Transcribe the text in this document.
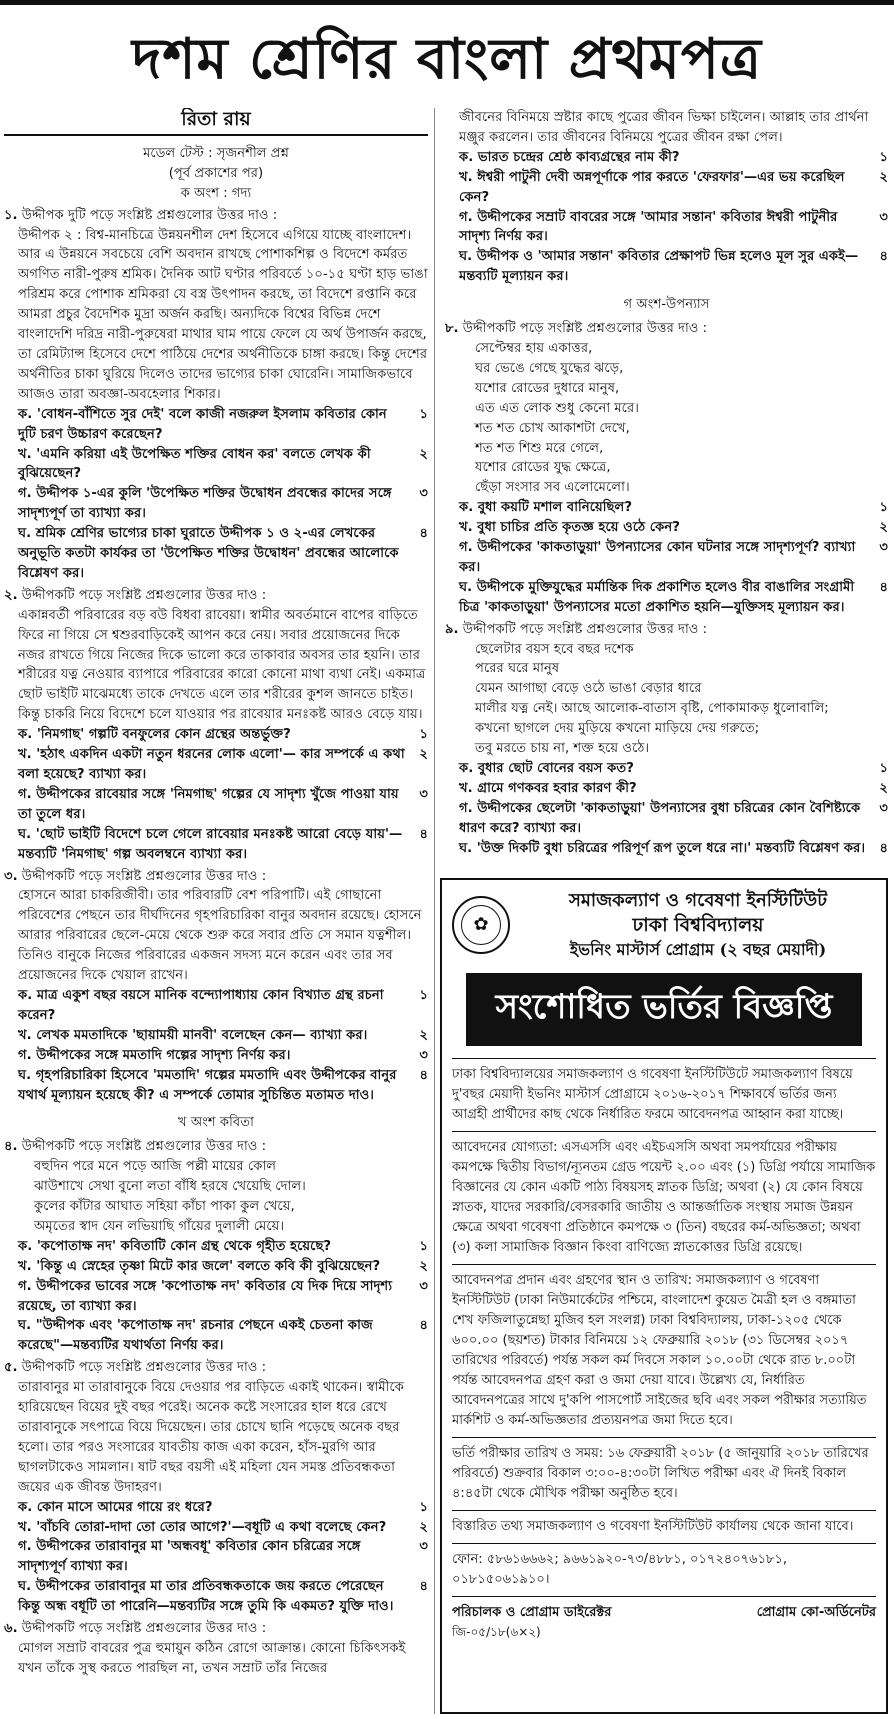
দশম শ্রেণির বাংলা প্রথমপত্র
রিতা রায়
মডেল টেস্ট : সৃজনশীল প্রশ্ন
(পূর্ব প্রকাশের পর)
ক অংশ : গদ্য
১. উদ্দীপক দুটি পড়ে সংশ্লিষ্ট প্রশ্নগুলোর উত্তর দাও :
উদ্দীপক ২ : বিশ্ব-মানচিত্রে উন্নয়নশীল দেশ হিসেবে এগিয়ে যাচ্ছে বাংলাদেশ। আর এ উন্নয়নে সবচেয়ে বেশি অবদান রাখছে পোশাকশিল্প ও বিদেশে কর্মরত অগণিত নারী-পুরুষ শ্রমিক। দৈনিক আট ঘণ্টার পরিবর্তে ১০-১৫ ঘণ্টা হাড় ভাঙা পরিশ্রম করে পোশাক শ্রমিকরা যে বস্ত্র উৎপাদন করছে, তা বিদেশে রপ্তানি করে আমরা প্রচুর বৈদেশিক মুদ্রা অর্জন করছি। অন্যদিকে বিশ্বের বিভিন্ন দেশে বাংলাদেশি দরিদ্র নারী-পুরুষেরা মাথার ঘাম পায়ে ফেলে যে অর্থ উপার্জন করছে, তা রেমিট্যান্স হিসেবে দেশে পাঠিয়ে দেশের অর্থনীতিকে চাঙ্গা করছে। কিন্তু দেশের অর্থনীতির চাকা ঘুরিয়ে দিলেও তাদের ভাগ্যের চাকা ঘোরেনি। সামাজিকভাবে আজও তারা অবজ্ঞা-অবহেলার শিকার।
ক. 'বোধন-বাঁশিতে সুর দেই' বলে কাজী নজরুল ইসলাম কবিতার কোন দুটি চরণ উচ্চারণ করেছেন?
১
খ. 'এমনি করিয়া এই উপেক্ষিত শক্তির বোধন কর' বলতে লেখক কী বুঝিয়েছেন?
২
গ. উদ্দীপক ১-এর কুলি 'উপেক্ষিত শক্তির উদ্বোধন প্রবন্ধের কাদের সঙ্গে সাদৃশ্যপূর্ণ তা ব্যাখ্যা কর।
৩
ঘ. শ্রমিক শ্রেণির ভাগ্যের চাকা ঘুরাতে উদ্দীপক ১ ও ২-এর লেখকের অনুভূতি কতটা কার্যকর তা 'উপেক্ষিত শক্তির উদ্বোধন' প্রবন্ধের আলোকে বিশ্লেষণ কর।
৪
২. উদ্দীপকটি পড়ে সংশ্লিষ্ট প্রশ্নগুলোর উত্তর দাও :
একান্নবর্তী পরিবারের বড় বউ বিধবা রাবেয়া। স্বামীর অবর্তমানে বাপের বাড়িতে ফিরে না গিয়ে সে শ্বশুরবাড়িকেই আপন করে নেয়। সবার প্রয়োজনের দিকে নজর রাখতে গিয়ে নিজের দিকে ভালো করে তাকাবার অবসর তার হয়নি। তার শরীরের যত্ন নেওয়ার ব্যাপারে পরিবারের কারো কোনো মাথা ব্যথা নেই। একমাত্র ছোট ভাইটি মাঝেমধ্যে তাকে দেখতে এলে তার শরীরের কুশল জানতে চাইত। কিন্তু চাকরি নিয়ে বিদেশে চলে যাওয়ার পর রাবেয়ার মনঃকষ্ট আরও বেড়ে যায়।
ক. 'নিমগাছ' গল্পটি বনফুলের কোন গ্রন্থের অন্তর্ভুক্ত?	১
খ. 'হঠাৎ একদিন একটা নতুন ধরনের লোক এলো'— কার সম্পর্কে এ কথা বলা হয়েছে? ব্যাখ্যা কর।
২
গ. উদ্দীপকের রাবেয়ার সঙ্গে 'নিমগাছ' গল্পের যে সাদৃশ্য খুঁজে পাওয়া যায় তা তুলে ধর।
৩
ঘ. 'ছোট ভাইটি বিদেশে চলে গেলে রাবেয়ার মনঃকষ্ট আরো বেড়ে যায়'—মন্তব্যটি 'নিমগাছ' গল্প অবলম্বনে ব্যাখ্যা কর।
৪
৩. উদ্দীপকটি পড়ে সংশ্লিষ্ট প্রশ্নগুলোর উত্তর দাও :
হোসনে আরা চাকরিজীবী। তার পরিবারটি বেশ পরিপাটি। এই গোছানো পরিবেশের পেছনে তার দীর্ঘদিনের গৃহপরিচারিকা বানুর অবদান রয়েছে। হোসনে আরার পরিবারের ছেলে-মেয়ে থেকে শুরু করে সবার প্রতি সে সমান যত্নশীল। তিনিও বানুকে নিজের পরিবারের একজন সদস্য মনে করেন এবং তার সব প্রয়োজনের দিকে খেয়াল রাখেন।
ক. মাত্র একুশ বছর বয়সে মানিক বন্দ্যোপাধ্যায় কোন বিখ্যাত গ্রন্থ রচনা করেন?
১
খ. লেখক মমতাদিকে 'ছায়াময়ী মানবী' বলেছেন কেন— ব্যাখ্যা কর।	২
গ. উদ্দীপকের সঙ্গে মমতাদি গল্পের সাদৃশ্য নির্ণয় কর।	৩
ঘ. গৃহপরিচারিকা হিসেবে 'মমতাদি' গল্পের মমতাদি এবং উদ্দীপকের বানুর যথার্থ মূল্যায়ন হয়েছে কী? এ সম্পর্কে তোমার সুচিন্তিত মতামত দাও।
৪
খ অংশ কবিতা
৪. উদ্দীপকটি পড়ে সংশ্লিষ্ট প্রশ্নগুলোর উত্তর দাও :
বহুদিন পরে মনে পড়ে আজি পল্লী মায়ের কোল
ঝাউশাখে সেথা বুনো লতা বাঁধি হরষে খেয়েছি দোল।
কুলের কাঁটার আঘাত সহিয়া কাঁচা পাকা কুল খেয়ে,
অমৃতের স্বাদ যেন লভিয়াছি গাঁয়ের দুলালী মেয়ে।
ক. 'কপোতাক্ষ নদ' কবিতাটি কোন গ্রন্থ থেকে গৃহীত হয়েছে?	১
খ. 'কিন্তু এ স্নেহের তৃষ্ণা মিটে কার জলে' বলতে কবি কী বুঝিয়েছেন?	২
গ. উদ্দীপকের ভাবের সঙ্গে 'কপোতাক্ষ নদ' কবিতার যে দিক দিয়ে সাদৃশ্য রয়েছে, তা ব্যাখ্যা কর।
৩
ঘ. "উদ্দীপক এবং 'কপোতাক্ষ নদ' রচনার পেছনে একই চেতনা কাজ করেছে"—মন্তব্যটির যথার্থতা নির্ণয় কর।
৪
৫. উদ্দীপকটি পড়ে সংশ্লিষ্ট প্রশ্নগুলোর উত্তর দাও :
তারাবানুর মা তারাবানুকে বিয়ে দেওয়ার পর বাড়িতে একাই থাকেন। স্বামীকে হারিয়েছেন বিয়ের দুই বছর পরেই। অনেক কষ্টে সংসারের হাল ধরে রেখে তারাবানুকে সৎপাত্রে বিয়ে দিয়েছেন। তার চোখে ছানি পড়েছে অনেক বছর হলো। তার পরও সংসারের যাবতীয় কাজ একা করেন, হাঁস-মুরগি আর ছাগলটাকেও সামলান। ষাট বছর বয়সী এই মহিলা যেন সমস্ত প্রতিবন্ধকতা জয়ের এক জীবন্ত উদাহরণ।
ক. কোন মাসে আমের গায়ে রং ধরে?	১
খ. 'বাঁচবি তোরা-দাদা তো তোর আগে?'—বধূটি এ কথা বলেছে কেন?	২
গ. উদ্দীপকের তারাবানুর মা 'অন্ধবধূ' কবিতার কোন চরিত্রের সঙ্গে সাদৃশ্যপূর্ণ ব্যাখ্যা কর।
৩
ঘ. উদ্দীপকের তারাবানুর মা তার প্রতিবন্ধকতাকে জয় করতে পেরেছেন কিন্তু অন্ধ বধূটি তা পারেনি—মন্তব্যটির সঙ্গে তুমি কি একমত? যুক্তি দাও।
৪
৬. উদ্দীপকটি পড়ে সংশ্লিষ্ট প্রশ্নগুলোর উত্তর দাও :
মোগল সম্রাট বাবরের পুত্র হুমায়ুন কঠিন রোগে আক্রান্ত। কোনো চিকিৎসকই যখন তাঁকে সুস্থ করতে পারছিল না, তখন সম্রাট তাঁর নিজের
জীবনের বিনিময়ে স্রষ্টার কাছে পুত্রের জীবন ভিক্ষা চাইলেন। আল্লাহ তার প্রার্থনা মঞ্জুর করলেন। তার জীবনের বিনিময়ে পুত্রের জীবন রক্ষা পেল।
ক. ভারত চন্দ্রের শ্রেষ্ঠ কাব্যগ্রন্থের নাম কী?	১
খ. ঈশ্বরী পাটুনী দেবী অন্নপূর্ণাকে পার করতে 'ফেরফার'—এর ভয় করেছিল কেন?
২
গ. উদ্দীপকের সম্রাট বাবরের সঙ্গে 'আমার সন্তান' কবিতার ঈশ্বরী পাটুনীর সাদৃশ্য নির্ণয় কর।
৩
ঘ. উদ্দীপক ও 'আমার সন্তান' কবিতার প্রেক্ষাপট ভিন্ন হলেও মূল সুর একই—মন্তব্যটি মূল্যায়ন কর।
৪
গ অংশ-উপন্যাস
৮. উদ্দীপকটি পড়ে সংশ্লিষ্ট প্রশ্নগুলোর উত্তর দাও :
সেপ্টেম্বর হায় একাত্তর,
ঘর ভেঙে গেছে যুদ্ধের ঝড়ে,
যশোর রোডের দুধারে মানুষ,
এত এত লোক শুধু কেনো মরে।
শত শত চোখ আকাশটা দেখে,
শত শত শিশু মরে গেলে,
যশোর রোডের যুদ্ধ ক্ষেত্রে,
ছেঁড়া সংসার সব এলোমেলো।
ক. বুধা কয়টি মশাল বানিয়েছিল?	১
খ. বুধা চাচির প্রতি কৃতজ্ঞ হয়ে ওঠে কেন?	২
গ. উদ্দীপকের 'কাকতাড়ুয়া' উপন্যাসের কোন ঘটনার সঙ্গে সাদৃশ্যপূর্ণ? ব্যাখ্যা কর।
৩
ঘ. উদ্দীপকে মুক্তিযুদ্ধের মর্মান্তিক দিক প্রকাশিত হলেও বীর বাঙালির সংগ্রামী চিত্র 'কাকতাড়ুয়া' উপন্যাসের মতো প্রকাশিত হয়নি—যুক্তিসহ মূল্যায়ন কর।
৪
৯. উদ্দীপকটি পড়ে সংশ্লিষ্ট প্রশ্নগুলোর উত্তর দাও :
ছেলেটার বয়স হবে বছর দশেক
পরের ঘরে মানুষ
যেমন আগাছা বেড়ে ওঠে ভাঙা বেড়ার ধারে
মালীর যত্ন নেই। আছে আলোক-বাতাস বৃষ্টি, পোকামাকড় ধুলোবালি;
কখনো ছাগলে দেয় মুড়িয়ে কখনো মাড়িয়ে দেয় গরুতে;
তবু মরতে চায় না, শক্ত হয়ে ওঠে।
ক. বুধার ছোট বোনের বয়স কত?	১
খ. গ্রামে গণকবর হবার কারণ কী?	২
গ. উদ্দীপকের ছেলেটা 'কাকতাড়ুয়া' উপন্যাসের বুধা চরিত্রের কোন বৈশিষ্ট্যকে ধারণ করে? ব্যাখ্যা কর।
৩
ঘ. 'উক্ত দিকটি বুধা চরিত্রের পরিপূর্ণ রূপ তুলে ধরে না।' মন্তব্যটি বিশ্লেষণ কর।	৪
✿
সমাজকল্যাণ ও গবেষণা ইনস্টিটিউট
ঢাকা বিশ্ববিদ্যালয়
ইভনিং মাস্টার্স প্রোগ্রাম (২ বছর মেয়াদী)
সংশোধিত ভর্তির বিজ্ঞপ্তি
ঢাকা বিশ্ববিদ্যালয়ের সমাজকল্যাণ ও গবেষণা ইনস্টিটিউটে সমাজকল্যাণ বিষয়ে দু'বছর মেয়াদী ইভনিং মাস্টার্স প্রোগ্রামে ২০১৬-২০১৭ শিক্ষাবর্ষে ভর্তির জন্য আগ্রহী প্রার্থীদের কাছ থেকে নির্ধারিত ফরমে আবেদনপত্র আহ্বান করা যাচ্ছে।
আবেদনের যোগ্যতা: এসএসসি এবং এইচএসসি অথবা সমপর্যায়ের পরীক্ষায় কমপক্ষে দ্বিতীয় বিভাগ/ন্যূনতম গ্রেড পয়েন্ট ২.০০ এবং (১) ডিগ্রি পর্যায়ে সামাজিক বিজ্ঞানের যে কোন একটি পাঠ্য বিষয়সহ স্নাতক ডিগ্রি; অথবা (২) যে কোন বিষয়ে স্নাতক, যাদের সরকারি/বেসরকারি জাতীয় ও আন্তর্জাতিক সংস্থায় সমাজ উন্নয়ন ক্ষেত্রে অথবা গবেষণা প্রতিষ্ঠানে কমপক্ষে ৩ (তিন) বছরের কর্ম-অভিজ্ঞতা; অথবা (৩) কলা সামাজিক বিজ্ঞান কিংবা বাণিজ্যে স্নাতকোত্তর ডিগ্রি রয়েছে।
আবেদনপত্র প্রদান এবং গ্রহণের স্থান ও তারিখ: সমাজকল্যাণ ও গবেষণা ইনস্টিটিউট (ঢাকা নিউমার্কেটের পশ্চিমে, বাংলাদেশ কুয়েত মৈত্রী হল ও বঙ্গমাতা শেখ ফজিলাতুন্নেছা মুজিব হল সংলগ্ন) ঢাকা বিশ্ববিদ্যালয়, ঢাকা-১২০৫ থেকে ৬০০.০০ (ছয়শত) টাকার বিনিময়ে ১২ ফেব্রুয়ারি ২০১৮ (৩১ ডিসেম্বর ২০১৭ তারিখের পরিবর্তে) পর্যন্ত সকল কর্ম দিবসে সকাল ১০.০০টা থেকে রাত ৮.০০টা পর্যন্ত আবেদনপত্র গ্রহণ করা ও জমা দেয়া যাবে। উল্লেখ্য যে, নির্ধারিত আবেদনপত্রের সাথে দু'কপি পাসপোর্ট সাইজের ছবি এবং সকল পরীক্ষার সত্যায়িত মার্কশিট ও কর্ম-অভিজ্ঞতার প্রত্যয়নপত্র জমা দিতে হবে।
ভর্তি পরীক্ষার তারিখ ও সময়: ১৬ ফেব্রুয়ারী ২০১৮ (৫ জানুয়ারি ২০১৮ তারিখের পরিবর্তে) শুক্রবার বিকাল ৩:০০-৪:৩০টা লিখিত পরীক্ষা এবং ঐ দিনই বিকাল ৪:৪৫টা থেকে মৌখিক পরীক্ষা অনুষ্ঠিত হবে।
বিস্তারিত তথ্য সমাজকল্যাণ ও গবেষণা ইনস্টিটিউট কার্যালয় থেকে জানা যাবে।
ফোন: ৫৮৬১৬৬৬২; ৯৬৬১৯২০-৭৩/৪৮৮১, ০১৭২৪০৭৬১৮১, ০১৮১৫০৬১৯১০।
পরিচালক ও প্রোগ্রাম ডাইরেক্টর	প্রোগ্রাম কো-অর্ডিনেটর
জি-০৫/১৮(৬×২)
